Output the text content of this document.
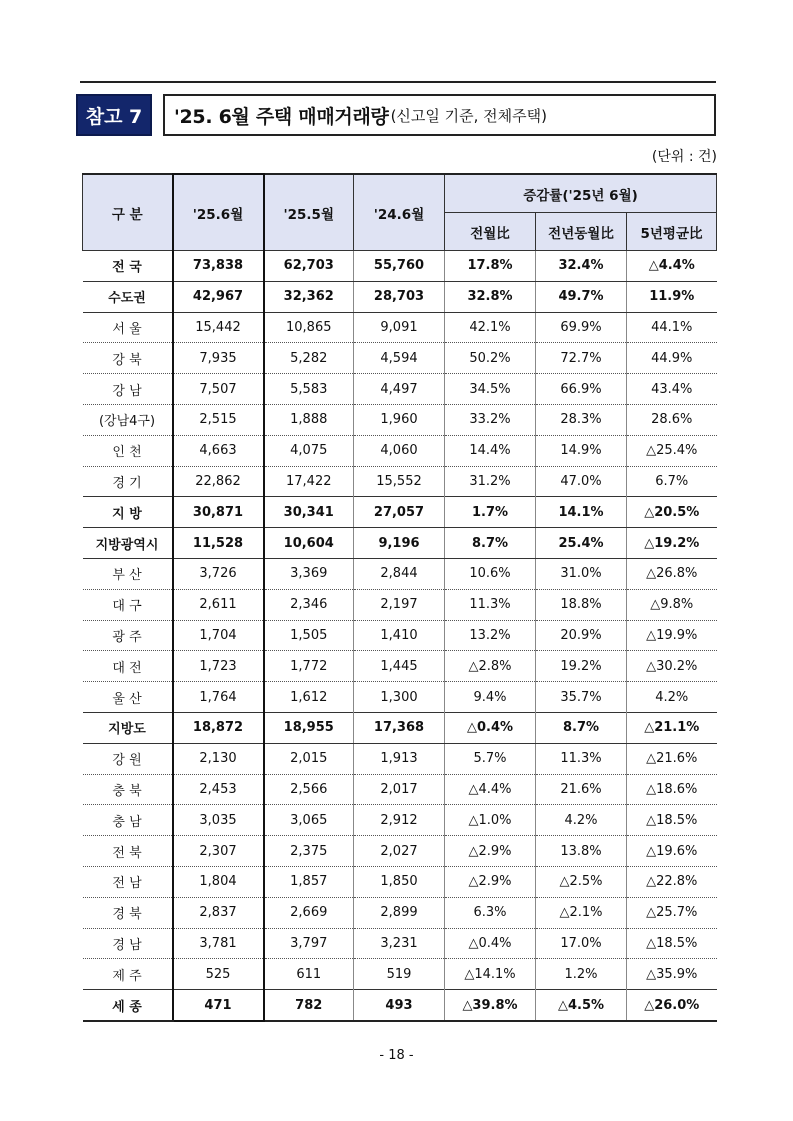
참고 7	'25. 6월 주택 매매거래량 (신고일 기준, 전체주택)
(단위 : 건)
구 분	'25.6월	'25.5월	'24.6월	증감률('25년 6월)		
				전월比	전년동월比	5년평균比
전 국	73,838	62,703	55,760	17.8%	32.4%	△4.4%
수도권	42,967	32,362	28,703	32.8%	49.7%	11.9%
서 울	15,442	10,865	9,091	42.1%	69.9%	44.1%
강 북	7,935	5,282	4,594	50.2%	72.7%	44.9%
강 남	7,507	5,583	4,497	34.5%	66.9%	43.4%
(강남4구)	2,515	1,888	1,960	33.2%	28.3%	28.6%
인 천	4,663	4,075	4,060	14.4%	14.9%	△25.4%
경 기	22,862	17,422	15,552	31.2%	47.0%	6.7%
지 방	30,871	30,341	27,057	1.7%	14.1%	△20.5%
지방광역시	11,528	10,604	9,196	8.7%	25.4%	△19.2%
부 산	3,726	3,369	2,844	10.6%	31.0%	△26.8%
대 구	2,611	2,346	2,197	11.3%	18.8%	△9.8%
광 주	1,704	1,505	1,410	13.2%	20.9%	△19.9%
대 전	1,723	1,772	1,445	△2.8%	19.2%	△30.2%
울 산	1,764	1,612	1,300	9.4%	35.7%	4.2%
지방도	18,872	18,955	17,368	△0.4%	8.7%	△21.1%
강 원	2,130	2,015	1,913	5.7%	11.3%	△21.6%
충 북	2,453	2,566	2,017	△4.4%	21.6%	△18.6%
충 남	3,035	3,065	2,912	△1.0%	4.2%	△18.5%
전 북	2,307	2,375	2,027	△2.9%	13.8%	△19.6%
전 남	1,804	1,857	1,850	△2.9%	△2.5%	△22.8%
경 북	2,837	2,669	2,899	6.3%	△2.1%	△25.7%
경 남	3,781	3,797	3,231	△0.4%	17.0%	△18.5%
제 주	525	611	519	△14.1%	1.2%	△35.9%
세 종	471	782	493	△39.8%	△4.5%	△26.0%
- 18 -
